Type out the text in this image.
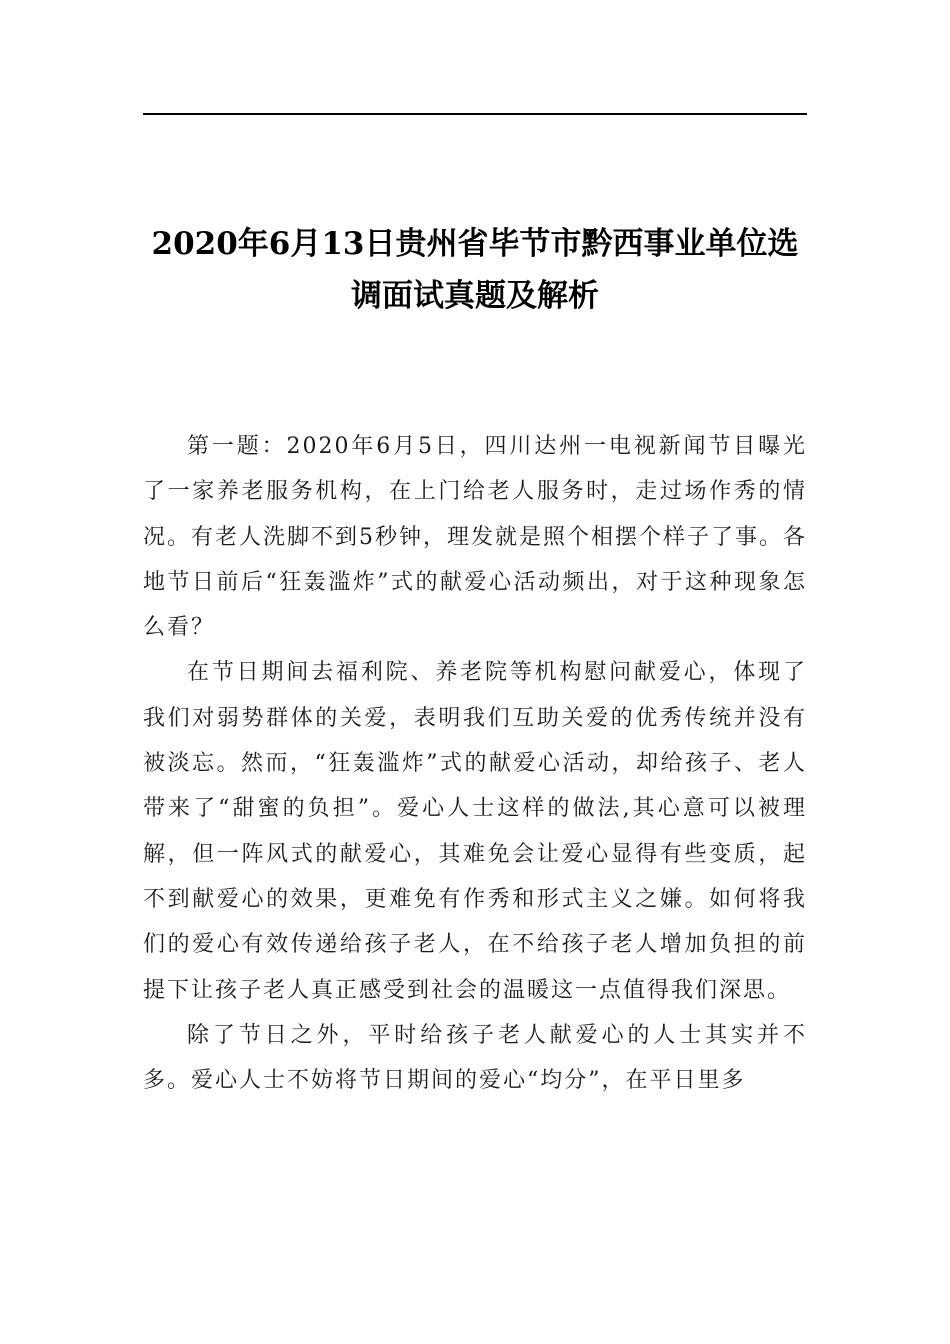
2020年6月13日贵州省毕节市黔西事业单位选调面试真题及解析

第一题：2020年6月5日，四川达州一电视新闻节目曝光了一家养老服务机构，在上门给老人服务时，走过场作秀的情况。有老人洗脚不到5秒钟，理发就是照个相摆个样子了事。各地节日前后“狂轰滥炸”式的献爱心活动频出，对于这种现象怎么看？

在节日期间去福利院、养老院等机构慰问献爱心，体现了我们对弱势群体的关爱，表明我们互助关爱的优秀传统并没有被淡忘。然而，“狂轰滥炸”式的献爱心活动，却给孩子、老人带来了“甜蜜的负担”。爱心人士这样的做法,其心意可以被理解，但一阵风式的献爱心，其难免会让爱心显得有些变质，起不到献爱心的效果，更难免有作秀和形式主义之嫌。如何将我们的爱心有效传递给孩子老人，在不给孩子老人增加负担的前提下让孩子老人真正感受到社会的温暖这一点值得我们深思。

除了节日之外，平时给孩子老人献爱心的人士其实并不多。爱心人士不妨将节日期间的爱心“均分”，在平日里多
